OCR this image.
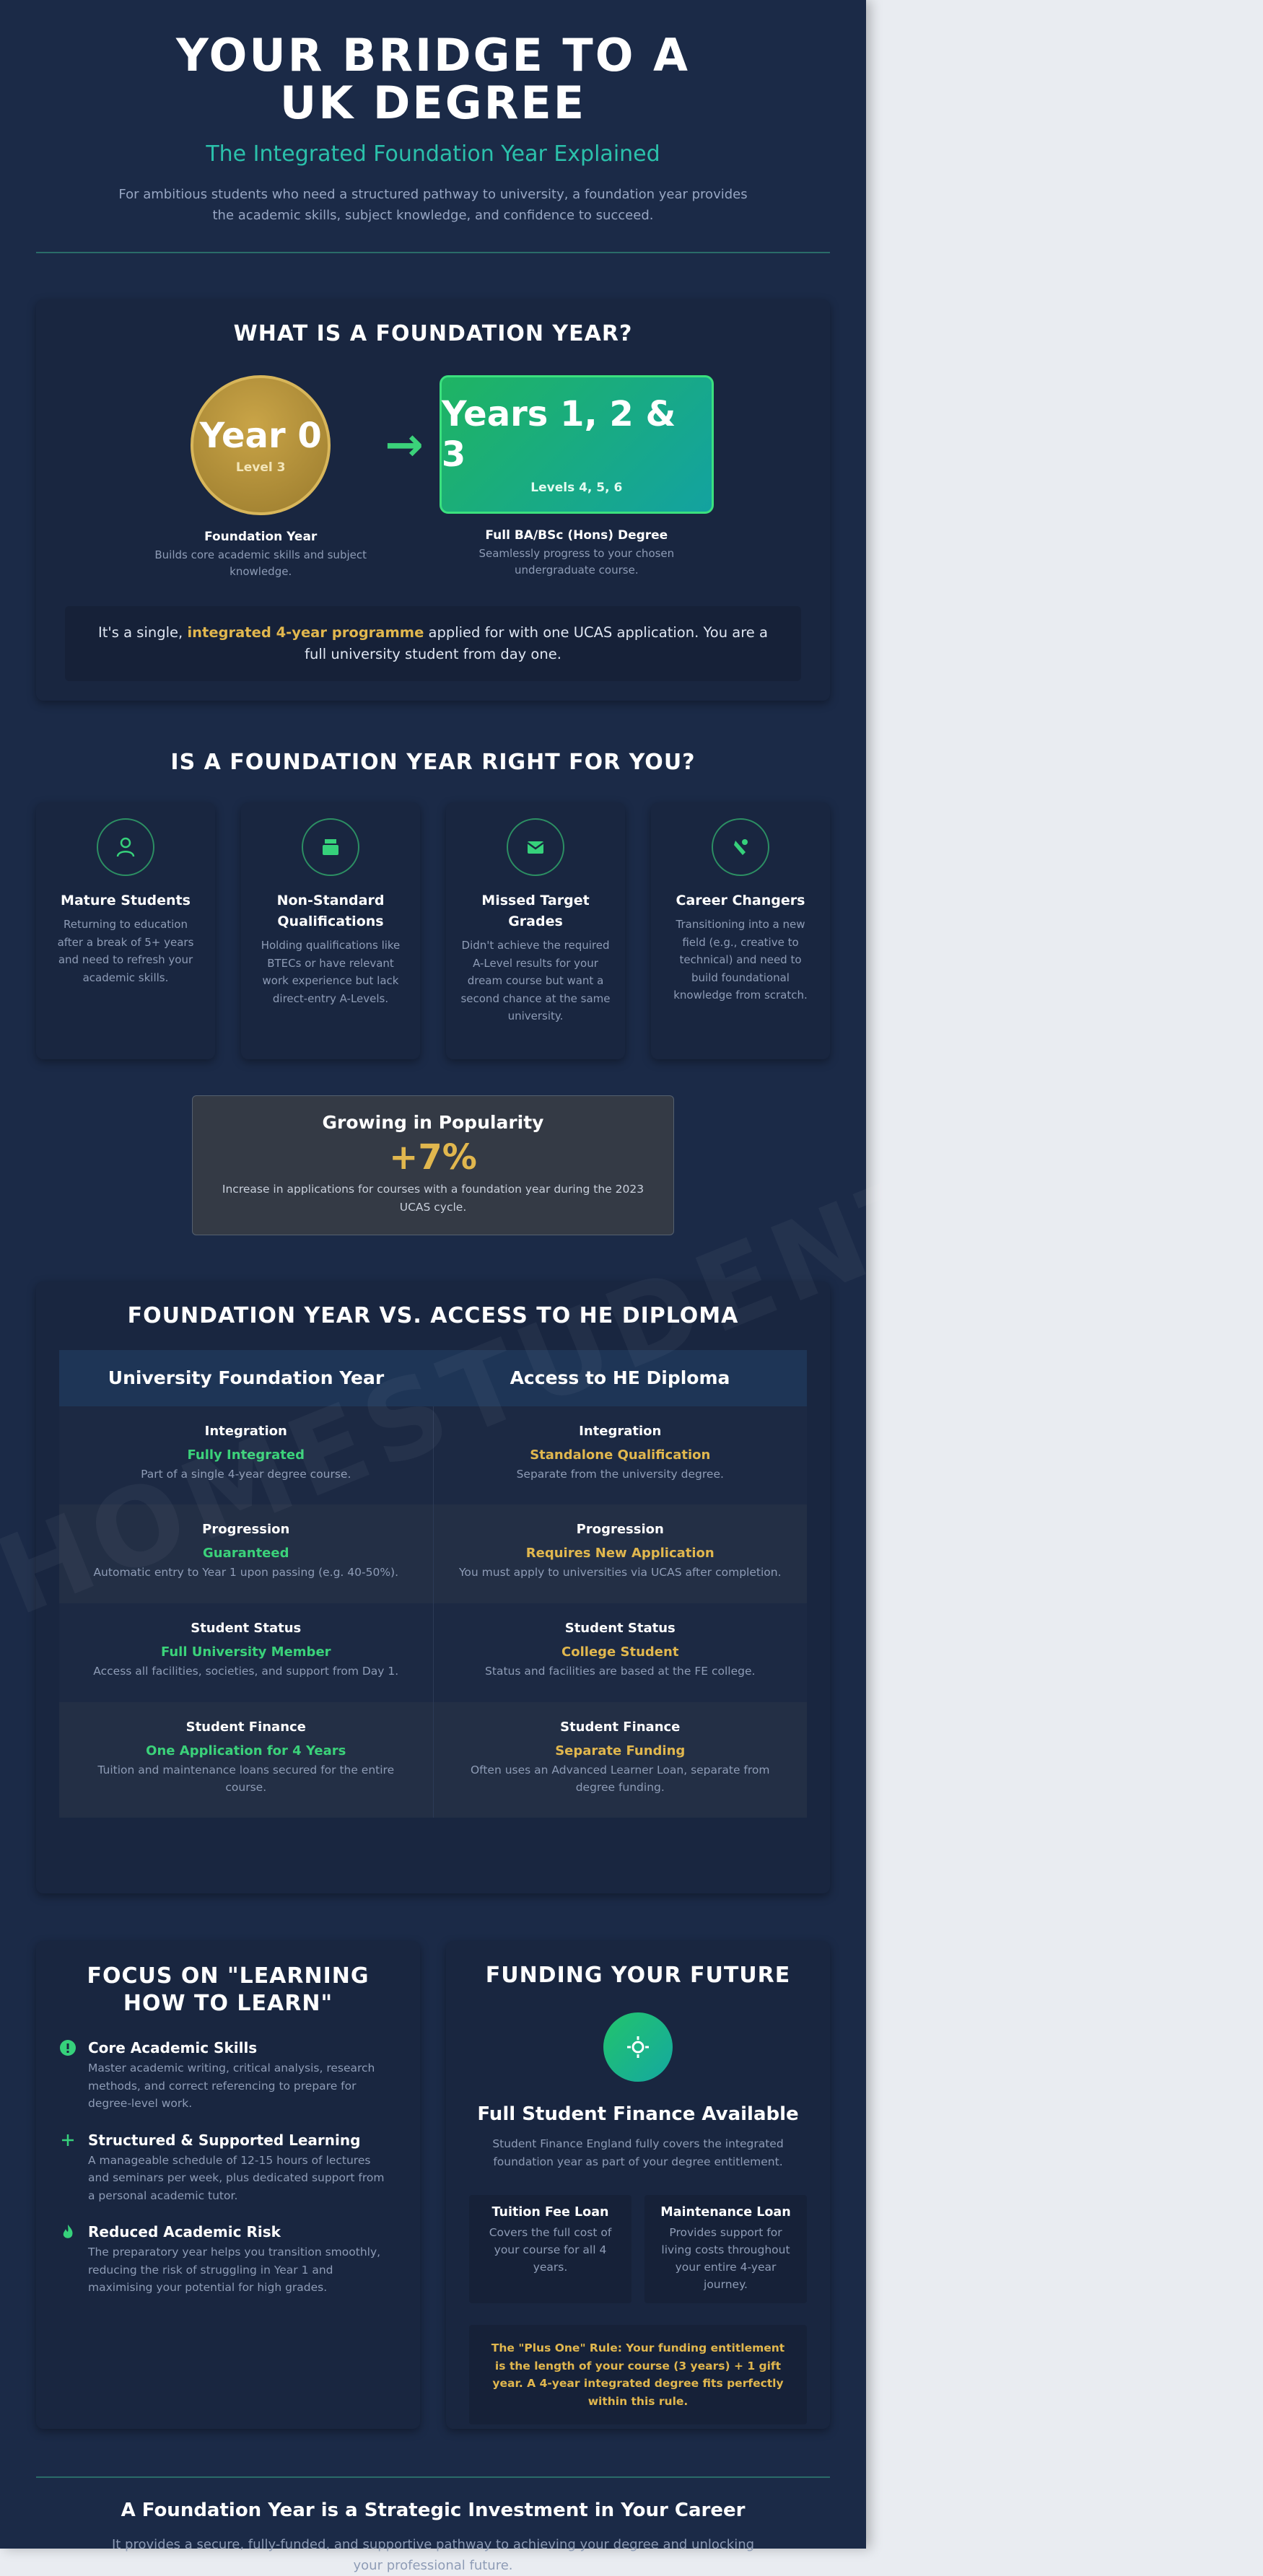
YOUR BRIDGE TO A UK DEGREE
The Integrated Foundation Year Explained
For ambitious students who need a structured pathway to university, a foundation year provides the academic skills, subject knowledge, and confidence to succeed.
WHAT IS A FOUNDATION YEAR?
Year 0
Level 3
Foundation Year
Builds core academic skills and subject knowledge.
→
Years 1, 2 & 3
Levels 4, 5, 6
Full BA/BSc (Hons) Degree
Seamlessly progress to your chosen undergraduate course.
It's a single, integrated 4-year programme applied for with one UCAS application. You are a full university student from day one.
IS A FOUNDATION YEAR RIGHT FOR YOU?
Mature Students
Returning to education after a break of 5+ years and need to refresh your academic skills.
Non-Standard Qualifications
Holding qualifications like BTECs or have relevant work experience but lack direct-entry A-Levels.
Missed Target Grades
Didn't achieve the required A-Level results for your dream course but want a second chance at the same university.
Career Changers
Transitioning into a new field (e.g., creative to technical) and need to build foundational knowledge from scratch.
Growing in Popularity
+7%
Increase in applications for courses with a foundation year during the 2023 UCAS cycle.
FOUNDATION YEAR VS. ACCESS TO HE DIPLOMA
University Foundation Year	Access to HE Diploma
Integration
Fully Integrated
Part of a single 4-year degree course.
Integration
Standalone Qualification
Separate from the university degree.
Progression
Guaranteed
Automatic entry to Year 1 upon passing (e.g. 40-50%).
Progression
Requires New Application
You must apply to universities via UCAS after completion.
Student Status
Full University Member
Access all facilities, societies, and support from Day 1.
Student Status
College Student
Status and facilities are based at the FE college.
Student Finance
One Application for 4 Years
Tuition and maintenance loans secured for the entire course.
Student Finance
Separate Funding
Often uses an Advanced Learner Loan, separate from degree funding.
FOCUS ON "LEARNING HOW TO LEARN"
Core Academic Skills
Master academic writing, critical analysis, research methods, and correct referencing to prepare for degree-level work.
Structured & Supported Learning
A manageable schedule of 12-15 hours of lectures and seminars per week, plus dedicated support from a personal academic tutor.
Reduced Academic Risk
The preparatory year helps you transition smoothly, reducing the risk of struggling in Year 1 and maximising your potential for high grades.
FUNDING YOUR FUTURE
Full Student Finance Available
Student Finance England fully covers the integrated foundation year as part of your degree entitlement.
Tuition Fee Loan
Covers the full cost of your course for all 4 years.
Maintenance Loan
Provides support for living costs throughout your entire 4-year journey.
The "Plus One" Rule: Your funding entitlement is the length of your course (3 years) + 1 gift year. A 4-year integrated degree fits perfectly within this rule.
A Foundation Year is a Strategic Investment in Your Career
It provides a secure, fully-funded, and supportive pathway to achieving your degree and unlocking your professional future.
